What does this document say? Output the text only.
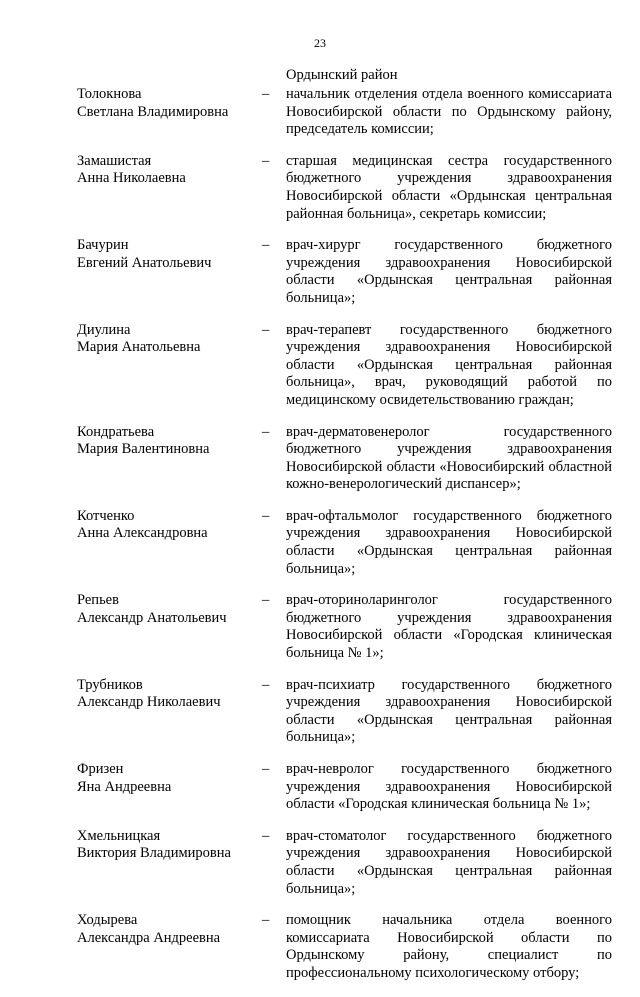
23
Ордынский район
Толокнова
Светлана Владимировна
– начальник отделения отдела военного комиссариата Новосибирской области по Ордынскому району, председатель комиссии;
Замашистая
Анна Николаевна
– старшая медицинская сестра государственного бюджетного учреждения здравоохранения Новосибирской области «Ордынская центральная районная больница», секретарь комиссии;
Бачурин
Евгений Анатольевич
– врач-хирург государственного бюджетного учреждения здравоохранения Новосибирской области «Ордынская центральная районная больница»;
Диулина
Мария Анатольевна
– врач-терапевт государственного бюджетного учреждения здравоохранения Новосибирской области «Ордынская центральная районная больница», врач, руководящий работой по медицинскому освидетельствованию граждан;
Кондратьева
Мария Валентиновна
– врач-дерматовенеролог государственного бюджетного учреждения здравоохранения Новосибирской области «Новосибирский областной кожно-венерологический диспансер»;
Котченко
Анна Александровна
– врач-офтальмолог государственного бюджетного учреждения здравоохранения Новосибирской области «Ордынская центральная районная больница»;
Репьев
Александр Анатольевич
– врач-оториноларинголог государственного бюджетного учреждения здравоохранения Новосибирской области «Городская клиническая больница № 1»;
Трубников
Александр Николаевич
– врач-психиатр государственного бюджетного учреждения здравоохранения Новосибирской области «Ордынская центральная районная больница»;
Фризен
Яна Андреевна
– врач-невролог государственного бюджетного учреждения здравоохранения Новосибирской области «Городская клиническая больница № 1»;
Хмельницкая
Виктория Владимировна
– врач-стоматолог государственного бюджетного учреждения здравоохранения Новосибирской области «Ордынская центральная районная больница»;
Ходырева
Александра Андреевна
– помощник начальника отдела военного комиссариата Новосибирской области по Ордынскому району, специалист по профессиональному психологическому отбору;
